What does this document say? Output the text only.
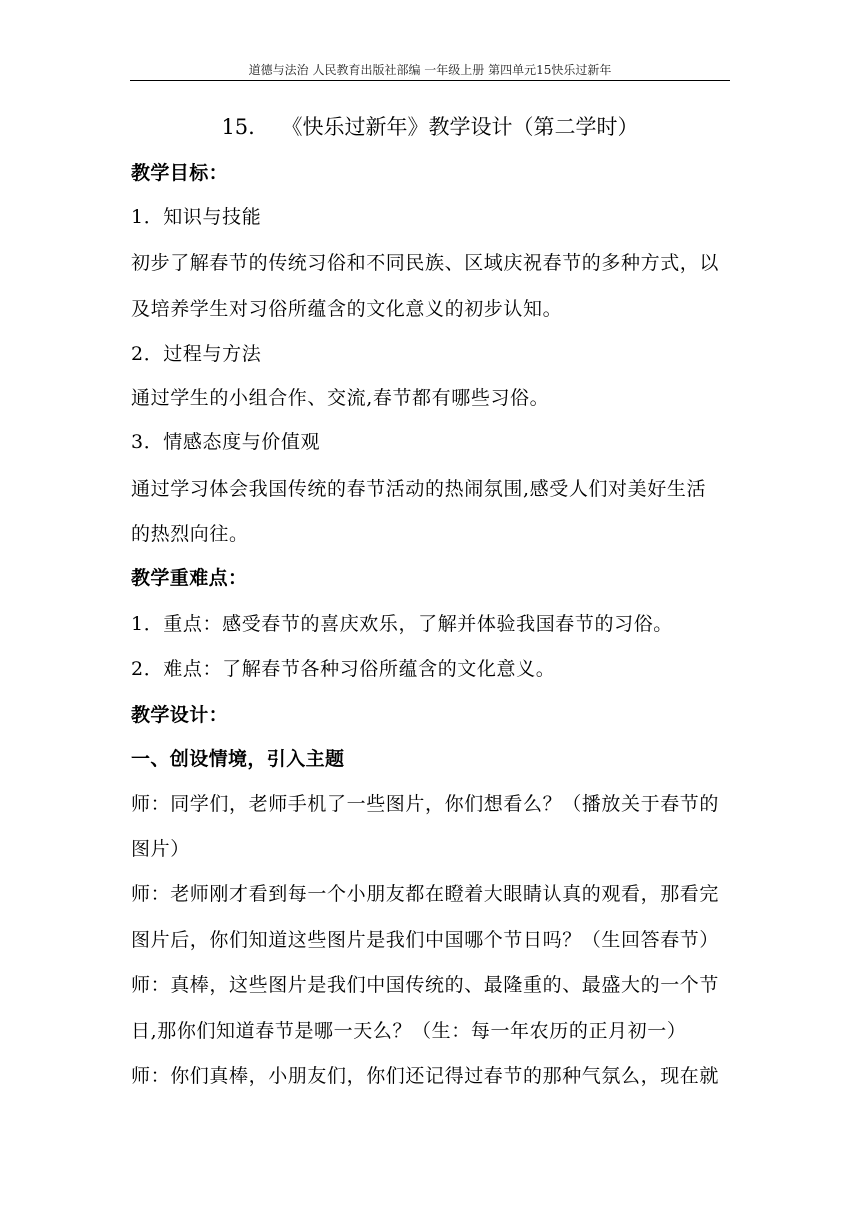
道德与法治 人民教育出版社部编 一年级上册 第四单元15快乐过新年
15.    《快乐过新年》教学设计（第二学时）
教学目标：
1．知识与技能
初步了解春节的传统习俗和不同民族、区域庆祝春节的多种方式，以
及培养学生对习俗所蕴含的文化意义的初步认知。
2．过程与方法
通过学生的小组合作、交流,春节都有哪些习俗。
3．情感态度与价值观
通过学习体会我国传统的春节活动的热闹氛围,感受人们对美好生活
的热烈向往。
教学重难点：
1．重点：感受春节的喜庆欢乐，了解并体验我国春节的习俗。
2．难点：了解春节各种习俗所蕴含的文化意义。
教学设计：
一、创设情境，引入主题
师：同学们，老师手机了一些图片，你们想看么？（播放关于春节的
图片）
师：老师刚才看到每一个小朋友都在瞪着大眼睛认真的观看，那看完
图片后，你们知道这些图片是我们中国哪个节日吗？（生回答春节）
师：真棒，这些图片是我们中国传统的、最隆重的、最盛大的一个节
日,那你们知道春节是哪一天么？（生：每一年农历的正月初一）
师：你们真棒，小朋友们，你们还记得过春节的那种气氛么，现在就
